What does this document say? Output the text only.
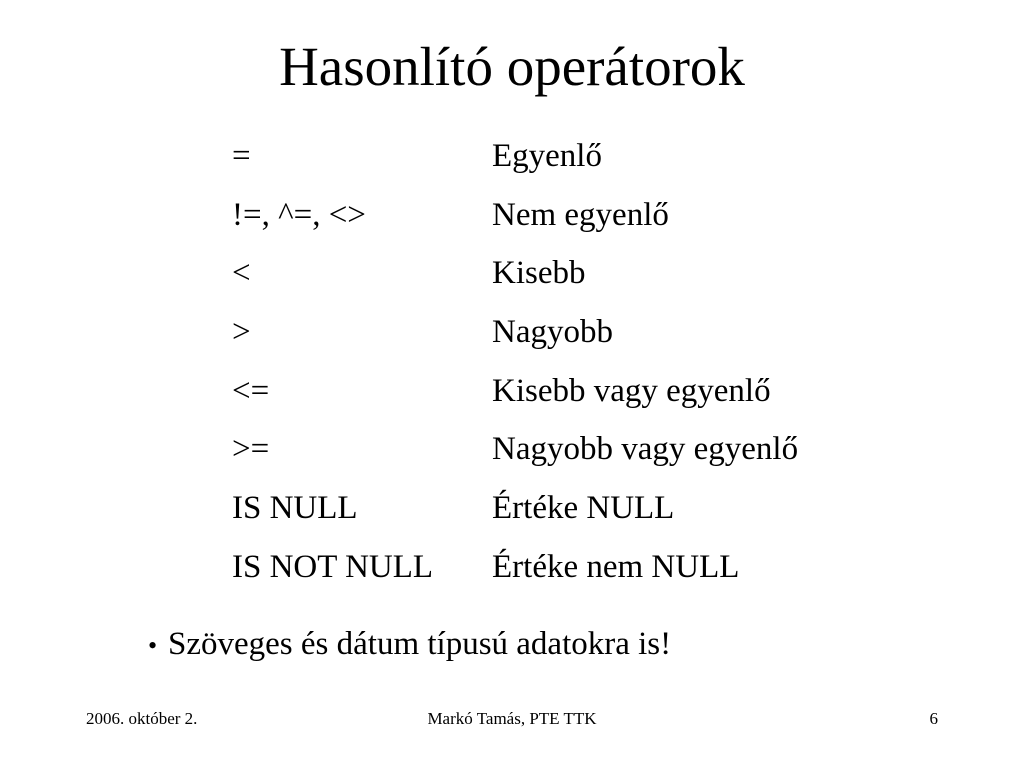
Hasonlító operátorok
=	Egyenlő
!=, ^=, <>	Nem egyenlő
<	Kisebb
>	Nagyobb
<=	Kisebb vagy egyenlő
>=	Nagyobb vagy egyenlő
IS NULL	Értéke NULL
IS NOT NULL	Értéke nem NULL
• Szöveges és dátum típusú adatokra is!
2006. október 2.	Markó Tamás, PTE TTK	6
